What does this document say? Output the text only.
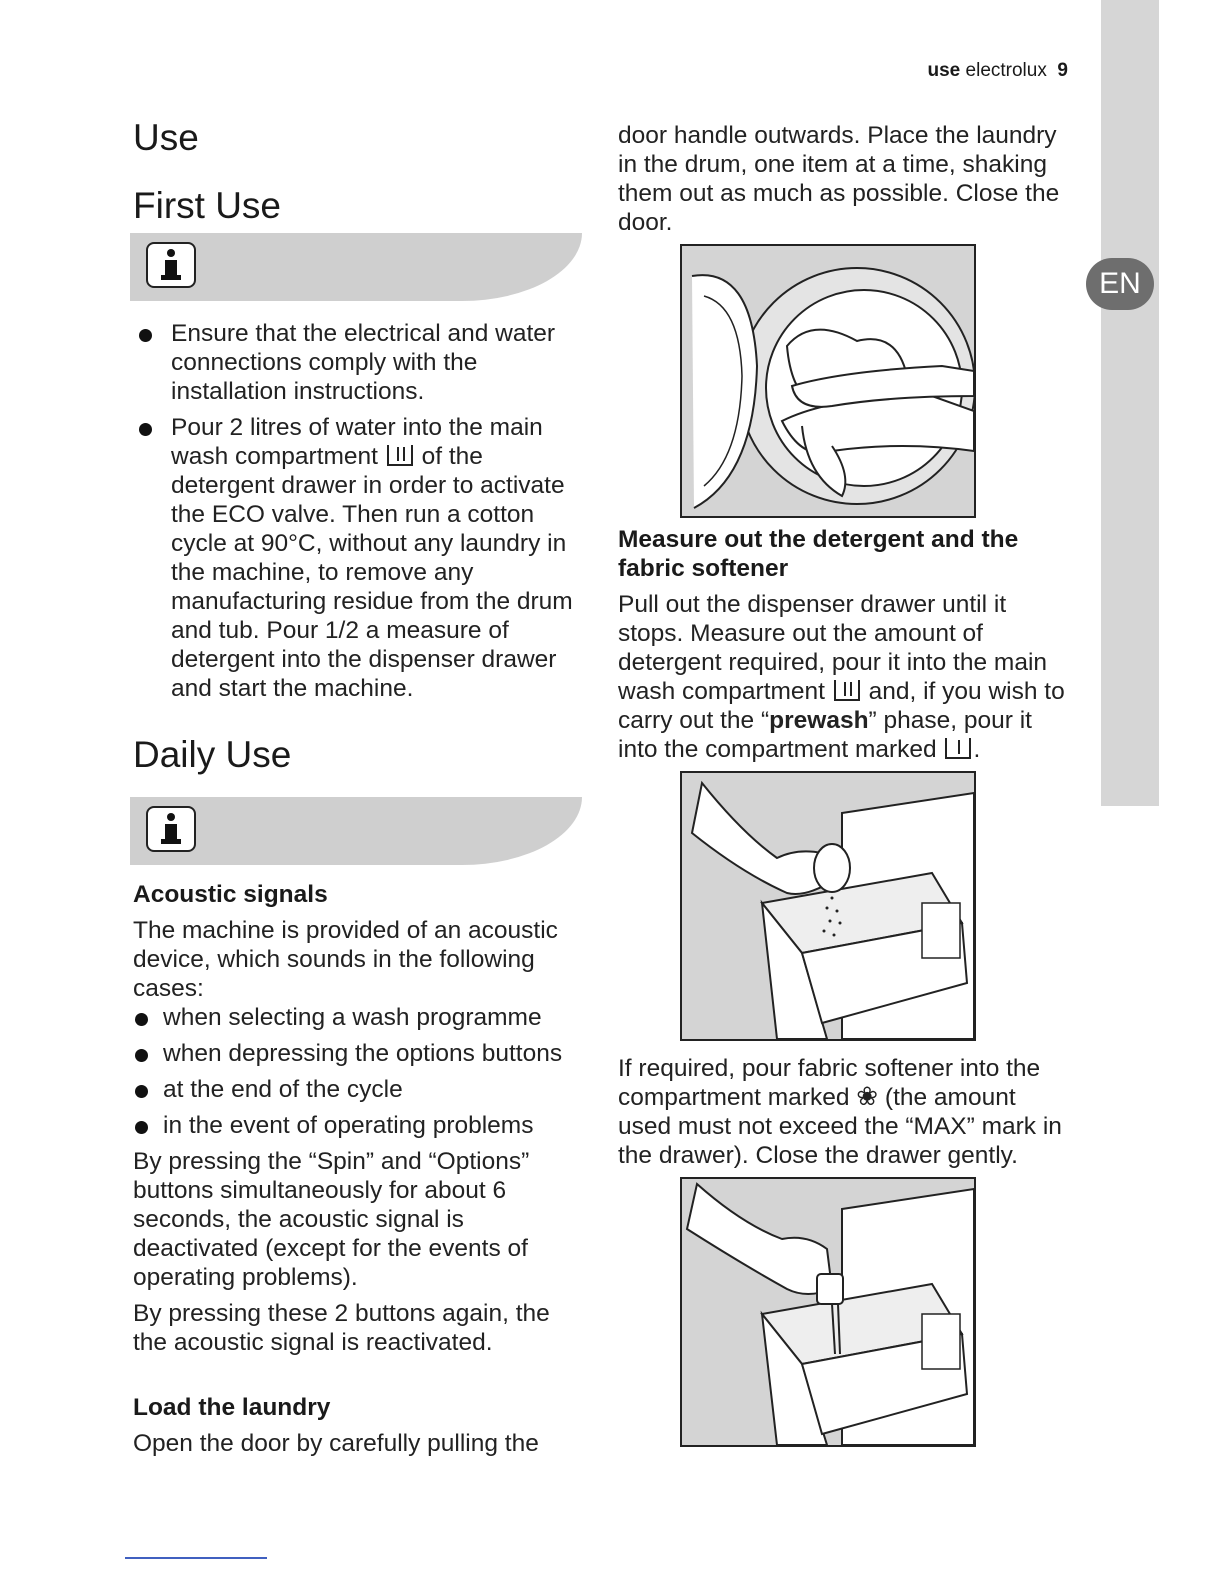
EN
use electrolux 9
Use
First Use
Ensure that the electrical and water connections comply with the installation instructions.
Pour 2 litres of water into the main wash compartment of the detergent drawer in order to activate the ECO valve. Then run a cotton cycle at 90°C, without any laundry in the machine, to remove any manufacturing residue from the drum and tub. Pour 1/2 a measure of detergent into the dispenser drawer and start the machine.
Daily Use
Acoustic signals

The machine is provided of an acoustic device, which sounds in the following cases:

when selecting a wash programme
when depressing the options buttons
at the end of the cycle
in the event of operating problems

By pressing the “Spin” and “Options” buttons simultaneously for about 6 seconds, the acoustic signal is deactivated (except for the events of operating problems).

By pressing these 2 buttons again, the the acoustic signal is reactivated.

Load the laundry

Open the door by carefully pulling the

door handle outwards. Place the laundry in the drum, one item at a time, shaking them out as much as possible. Close the door.

Measure out the detergent and the fabric softener

Pull out the dispenser drawer until it stops. Measure out the amount of detergent required, pour it into the main wash compartment and, if you wish to carry out the “prewash” phase, pour it into the compartment marked .

If required, pour fabric softener into the compartment marked ❀ (the amount used must not exceed the “MAX” mark in the drawer). Close the drawer gently.
